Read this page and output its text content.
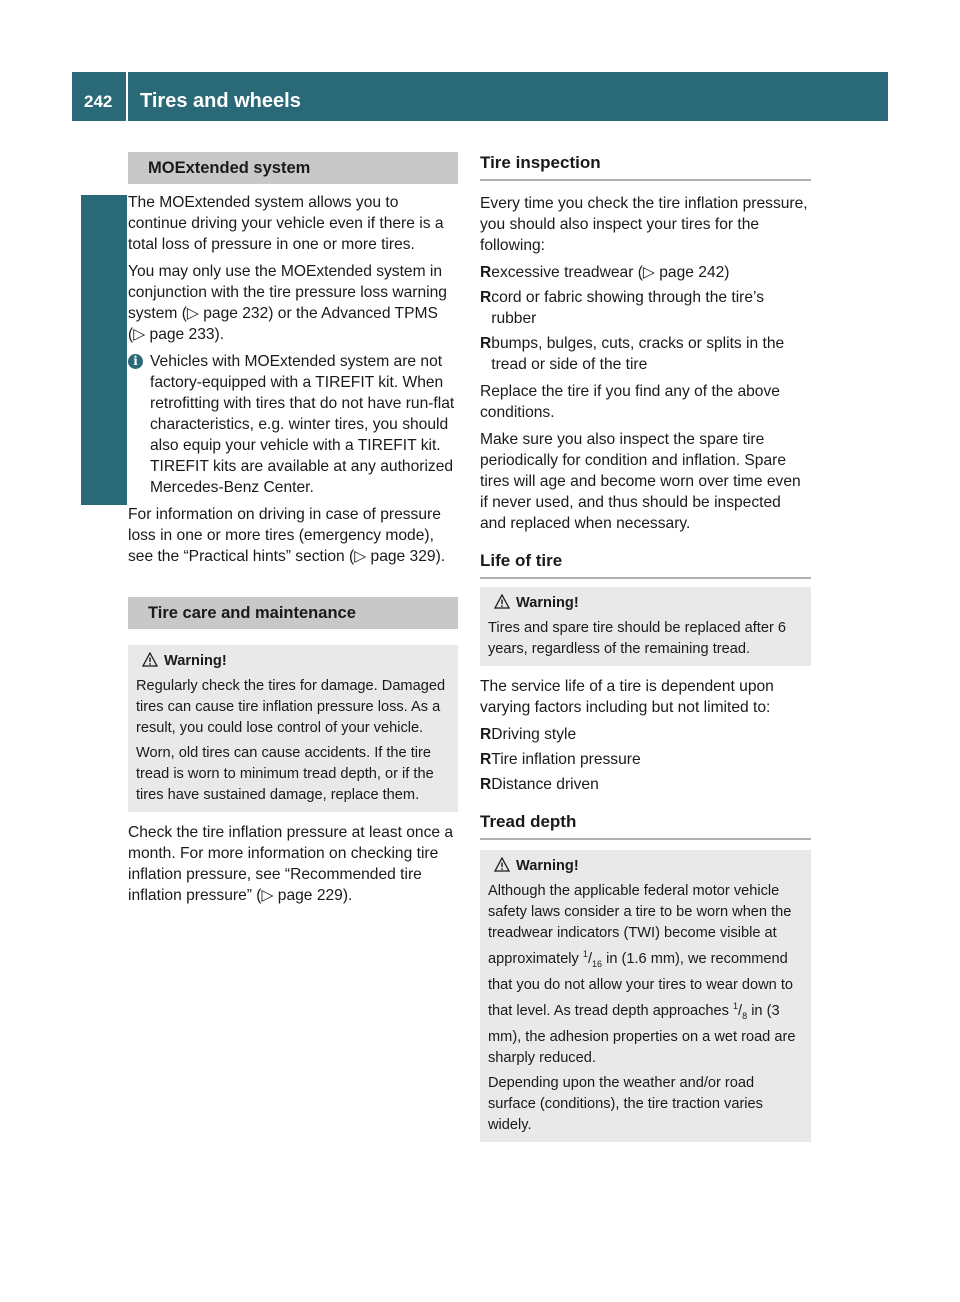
242 Tires and wheels
Operation
MOExtended system

The MOExtended system allows you to continue driving your vehicle even if there is a total loss of pressure in one or more tires.

You may only use the MOExtended system in conjunction with the tire pressure loss warning system (▷ page 232) or the Advanced TPMS (▷ page 233).

i Vehicles with MOExtended system are not factory-equipped with a TIREFIT kit. When retrofitting with tires that do not have run-flat characteristics, e.g. winter tires, you should also equip your vehicle with a TIREFIT kit. TIREFIT kits are available at any authorized Mercedes-Benz Center.

For information on driving in case of pressure loss in one or more tires (emergency mode), see the “Practical hints” section (▷ page 329).

Tire care and maintenance
Warning!

Regularly check the tires for damage. Damaged tires can cause tire inflation pressure loss. As a result, you could lose control of your vehicle.

Worn, old tires can cause accidents. If the tire tread is worn to minimum tread depth, or if the tires have sustained damage, replace them.

Check the tire inflation pressure at least once a month. For more information on checking tire inflation pressure, see “Recommended tire inflation pressure” (▷ page 229).

Tire inspection

Every time you check the tire inflation pressure, you should also inspect your tires for the following:

R excessive treadwear (▷ page 242)
R cord or fabric showing through the tire’s rubber
R bumps, bulges, cuts, cracks or splits in the tread or side of the tire

Replace the tire if you find any of the above conditions.

Make sure you also inspect the spare tire periodically for condition and inflation. Spare tires will age and become worn over time even if never used, and thus should be inspected and replaced when necessary.

Life of tire
Warning!

Tires and spare tire should be replaced after 6 years, regardless of the remaining tread.

The service life of a tire is dependent upon varying factors including but not limited to:

R Driving style
R Tire inflation pressure
R Distance driven
Tread depth
Warning!

Although the applicable federal motor vehicle safety laws consider a tire to be worn when the treadwear indicators (TWI) become visible at approximately $^1/_{16}$ in (1.6 mm), we recommend that you do not allow your tires to wear down to that level. As tread depth approaches $^1/_8$ in (3 mm), the adhesion properties on a wet road are sharply reduced.

Depending upon the weather and/or road surface (conditions), the tire traction varies widely.
